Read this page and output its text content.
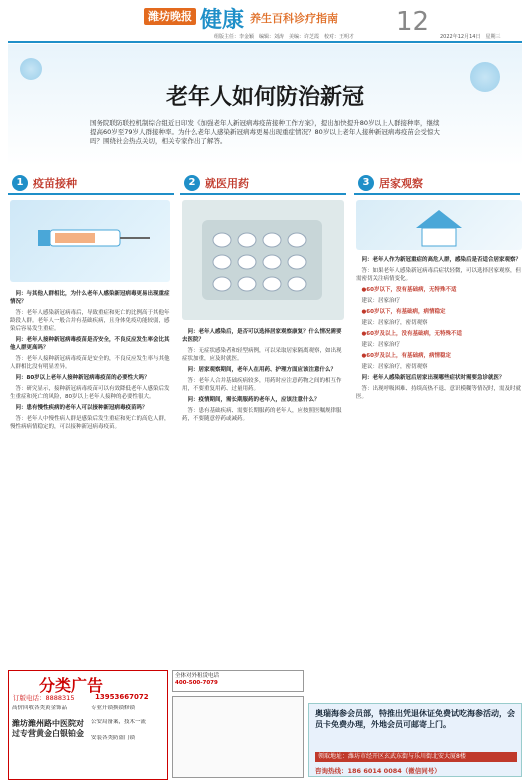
潍坊晚报 健康 养生百科诊疗指南 12
组版主任：李金颖　编辑：刘涛　美编：许芝霞　校对：王明才	2022年12月14日　星期三
老年人如何防治新冠
国务院联防联控机制综合组近日印发《加强老年人新冠病毒疫苗接种工作方案》，提出加快提升80岁以上人群接种率，继续提高60岁至79岁人群接种率。为什么老年人感染新冠病毒更易出现重症情况？80岁以上老年人接种新冠病毒疫苗会受惊大吗？围绕社会热点关切，相关专家作出了解答。
1 疫苗接种

问：与其他人群相比，为什么老年人感染新冠病毒更易出现重症情况？

答：老年人感染新冠病毒后，导致重症和死亡的比例高于其他年龄段人群。老年人一般合并有基础疾病，且身体免疫功能较弱，感染后容易发生重症。

问：老年人接种新冠病毒疫苗是否安全，不良反应发生率会比其他人群更高吗？

答：老年人接种新冠病毒疫苗是安全的，不良反应发生率与其他人群相比没有明显差异。

问：80岁以上老年人接种新冠病毒疫苗的必要性大吗？

答：研究显示，接种新冠病毒疫苗可以有效降低老年人感染后发生重症和死亡的风险，80岁以上老年人接种的必要性很大。

问：患有慢性疾病的老年人可以接种新冠病毒疫苗吗？

答：老年人中慢性病人群是感染后发生重症和死亡的高危人群，慢性病病情稳定的，可以接种新冠病毒疫苗。

2 就医用药

问：老年人感染后，是否可以选择居家观察康复？什么情况需要去医院？

答：无症状感染者和轻型病例，可以采取居家隔离观察，如出现症状加重，应及时就医。

问：居家观察期间，老年人在用药、护理方面应该注意什么？

答：老年人合并基础疾病较多，用药时应注意药物之间的相互作用，不要重复用药、过量用药。

问：疫情期间，需长期服药的老年人，应该注意什么？

答：患有基础疾病、需要长期服药的老年人，应按照医嘱规律服药，不要随意停药或减药。

3 居家观察

问：老年人作为新冠重症的高危人群，感染后是否适合居家观察？

答：如果老年人感染新冠病毒后症状轻微，可以选择居家观察，但需密切关注病情变化。

●60岁以下，没有基础病，无特殊不适

建议：居家治疗

●60岁以下，有基础病，病情稳定

建议：居家治疗，密切观察

●60岁及以上，没有基础病，无特殊不适

建议：居家治疗

●60岁及以上，有基础病，病情稳定

建议：居家治疗，密切观察

问：老年人感染新冠后居家出现哪些症状时需要急诊就医？

答：出现呼吸困难、持续高热不退、意识模糊等情况时，需及时就医。

分类广告
订版电话：8888315	13953667072
高价回收各类黄金饰品
潍坊潍州路中医院对过专营黄金白银铂金
专业开锁换锁修锁
公安局备案，技术一流
安装各类防盗门锁
全体对外租赁电话
400-500-7079
奥瑞海参会员部，特推出凭退休证免费试吃海参活动，会员卡免费办理，外地会员可邮寄上门。
领取地址：潍坊市经开区玄武东街与乐川街北安大厦8楼
咨询热线：186 6014 0084（微信同号）
